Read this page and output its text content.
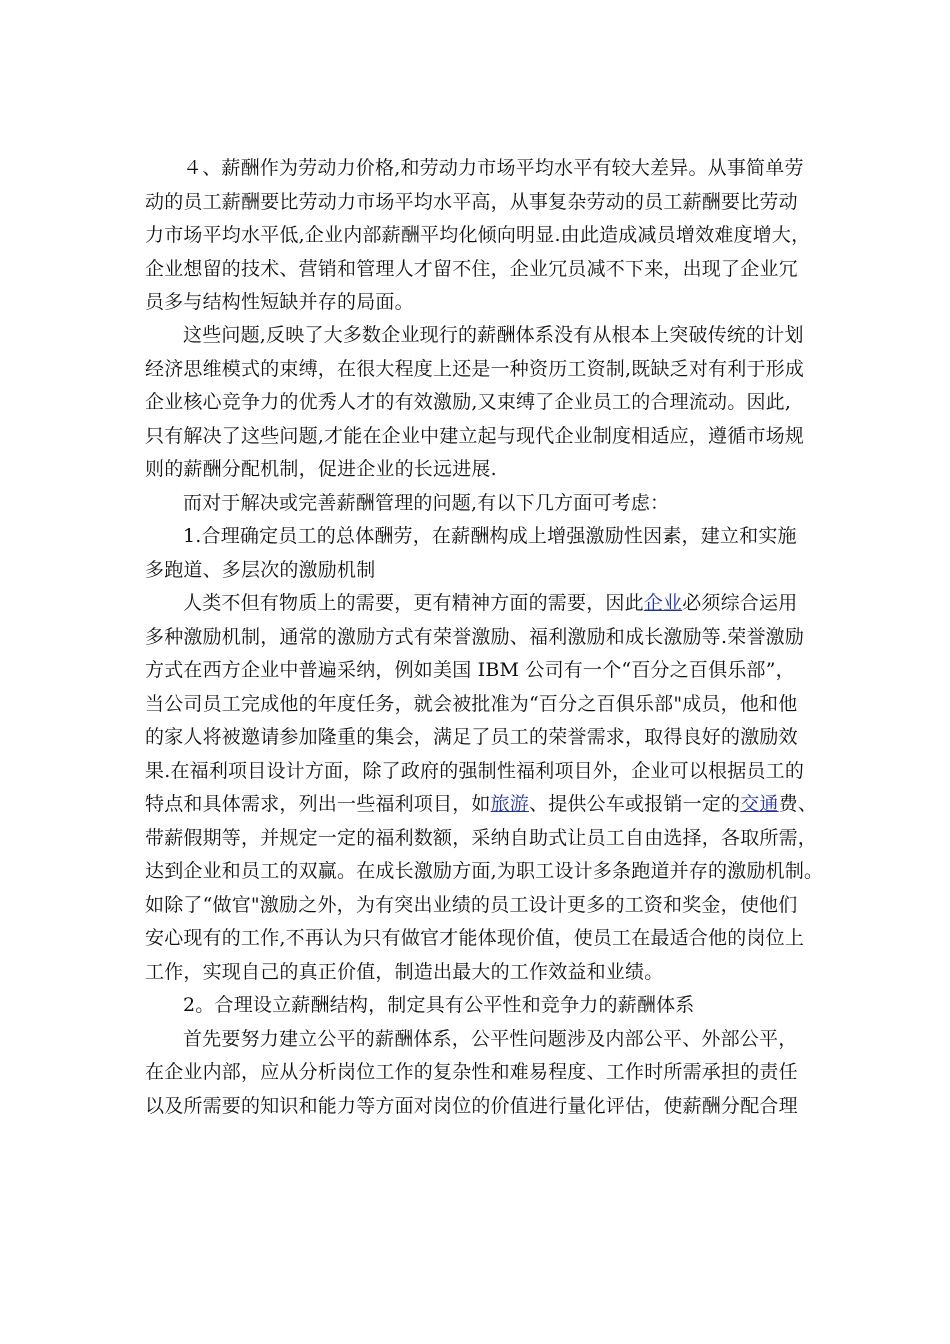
４、薪酬作为劳动力价格,和劳动力市场平均水平有较大差异。从事简单劳
动的员工薪酬要比劳动力市场平均水平高，从事复杂劳动的员工薪酬要比劳动
力市场平均水平低,企业内部薪酬平均化倾向明显.由此造成减员增效难度增大，
企业想留的技术、营销和管理人才留不住，企业冗员减不下来，出现了企业冗
员多与结构性短缺并存的局面。
这些问题,反映了大多数企业现行的薪酬体系没有从根本上突破传统的计划
经济思维模式的束缚，在很大程度上还是一种资历工资制,既缺乏对有利于形成
企业核心竞争力的优秀人才的有效激励,又束缚了企业员工的合理流动。因此,
只有解决了这些问题,才能在企业中建立起与现代企业制度相适应，遵循市场规
则的薪酬分配机制，促进企业的长远进展.
而对于解决或完善薪酬管理的问题,有以下几方面可考虑：
1.合理确定员工的总体酬劳，在薪酬构成上增强激励性因素，建立和实施
多跑道、多层次的激励机制
人类不但有物质上的需要，更有精神方面的需要，因此企业必须综合运用
多种激励机制，通常的激励方式有荣誉激励、福利激励和成长激励等.荣誉激励
方式在西方企业中普遍采纳，例如美国 IBM 公司有一个“百分之百俱乐部”，
当公司员工完成他的年度任务，就会被批准为“百分之百俱乐部"成员，他和他
的家人将被邀请参加隆重的集会，满足了员工的荣誉需求，取得良好的激励效
果.在福利项目设计方面，除了政府的强制性福利项目外，企业可以根据员工的
特点和具体需求，列出一些福利项目，如旅游、提供公车或报销一定的交通费、
带薪假期等，并规定一定的福利数额，采纳自助式让员工自由选择，各取所需，
达到企业和员工的双赢。在成长激励方面,为职工设计多条跑道并存的激励机制。
如除了“做官"激励之外，为有突出业绩的员工设计更多的工资和奖金，使他们
安心现有的工作,不再认为只有做官才能体现价值，使员工在最适合他的岗位上
工作，实现自己的真正价值，制造出最大的工作效益和业绩。
2。合理设立薪酬结构，制定具有公平性和竞争力的薪酬体系
首先要努力建立公平的薪酬体系，公平性问题涉及内部公平、外部公平，
在企业内部，应从分析岗位工作的复杂性和难易程度、工作时所需承担的责任
以及所需要的知识和能力等方面对岗位的价值进行量化评估，使薪酬分配合理
